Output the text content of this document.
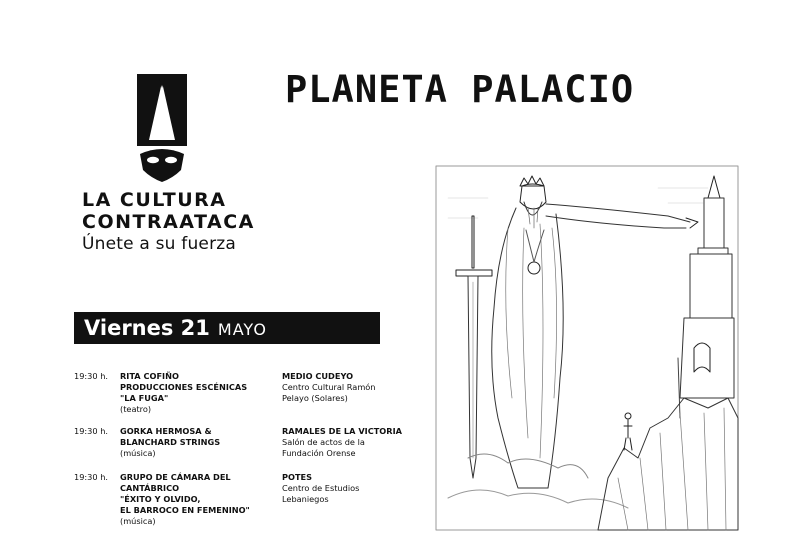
LA CULTURA
CONTRAATACA
Únete a su fuerza
PLANETA PALACIO
Viernes 21 MAYO
19:30 h. RITA COFIÑO
PRODUCCIONES ESCÉNICAS
"LA FUGA"
(teatro)
MEDIO CUDEYO
Centro Cultural Ramón
Pelayo (Solares)
19:30 h. GORKA HERMOSA &
BLANCHARD STRINGS
(música)
RAMALES DE LA VICTORIA
Salón de actos de la
Fundación Orense
19:30 h. GRUPO DE CÁMARA DEL CANTÁBRICO
"ÉXITO Y OLVIDO,
EL BARROCO EN FEMENINO"
(música)
POTES
Centro de Estudios
Lebaniegos
